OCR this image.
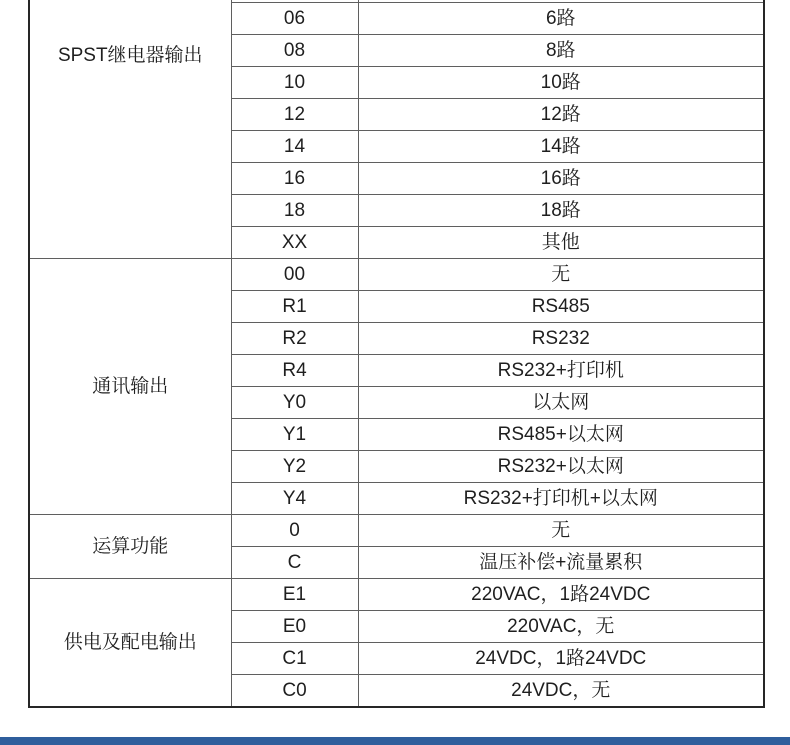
SPST继电器输出		
	06	6路
	08	8路
	10	10路
	12	12路
	14	14路
	16	16路
	18	18路
	XX	其他
通讯输出	00	无
	R1	RS485
	R2	RS232
	R4	RS232+打印机
	Y0	以太网
	Y1	RS485+以太网
	Y2	RS232+以太网
	Y4	RS232+打印机+以太网
运算功能	0	无
	C	温压补偿+流量累积
供电及配电输出	E1	220VAC，1路24VDC
	E0	220VAC，无
	C1	24VDC，1路24VDC
	C0	24VDC，无
